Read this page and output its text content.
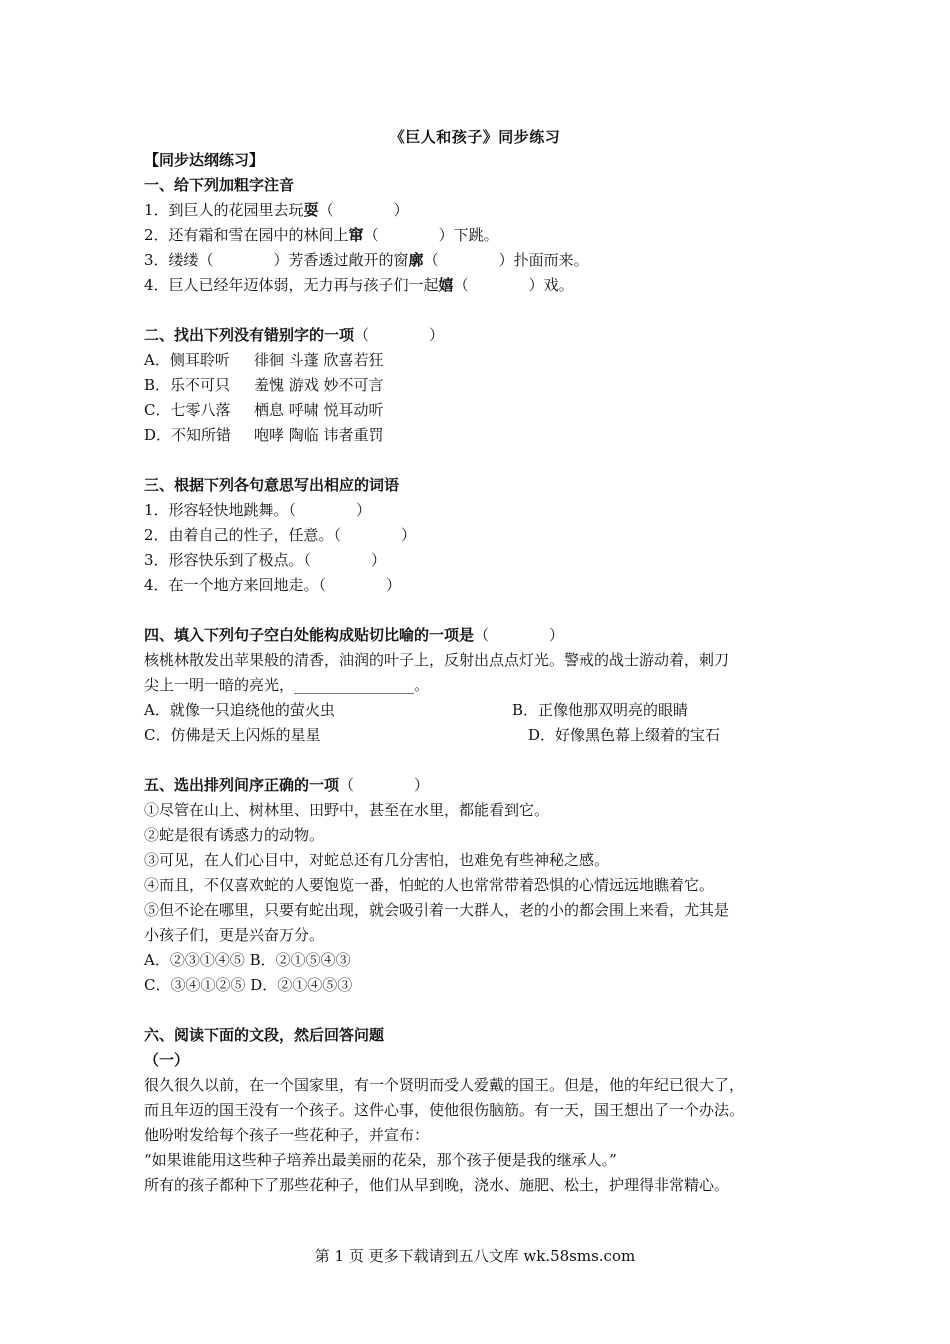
《巨人和孩子》同步练习
【同步达纲练习】
一、给下列加粗字注音
1．到巨人的花园里去玩耍（　　　　）
2．还有霜和雪在园中的林间上窜（　　　　）下跳。
3．缕缕（　　　　）芳香透过敞开的窗廓（　　　　）扑面而来。
4．巨人已经年迈体弱，无力再与孩子们一起嬉（　　　　）戏。
二、找出下列没有错别字的一项（　　　　）
A．侧耳聆听 徘徊 斗蓬 欣喜若狂
B．乐不可只 羞愧 游戏 妙不可言
C．七零八落 栖息 呼啸 悦耳动听
D．不知所错 咆哮 陶临 讳者重罚
三、根据下列各句意思写出相应的词语
1．形容轻快地跳舞。（　　　　）
2．由着自己的性子，任意。（　　　　）
3．形容快乐到了极点。（　　　　）
4．在一个地方来回地走。（　　　　）
四、填入下列句子空白处能构成贴切比喻的一项是（　　　　）
核桃林散发出苹果般的清香，油润的叶子上，反射出点点灯光。警戒的战士游动着，刺刀
尖上一明一暗的亮光，________________。
A．就像一只追绕他的萤火虫	B．正像他那双明亮的眼睛
C．仿佛是天上闪烁的星星	D．好像黑色幕上缀着的宝石
五、选出排列间序正确的一项（　　　　）
①尽管在山上、树林里、田野中，甚至在水里，都能看到它。
②蛇是很有诱惑力的动物。
③可见，在人们心目中，对蛇总还有几分害怕，也难免有些神秘之感。
④而且，不仅喜欢蛇的人要饱览一番，怕蛇的人也常常带着恐惧的心情远远地瞧着它。
⑤但不论在哪里，只要有蛇出现，就会吸引着一大群人，老的小的都会围上来看，尤其是
小孩子们，更是兴奋万分。
A．②③①④⑤ B．②①⑤④③
C．③④①②⑤ D．②①④⑤③
六、阅读下面的文段，然后回答问题
（一）
很久很久以前，在一个国家里，有一个贤明而受人爱戴的国王。但是，他的年纪已很大了，
而且年迈的国王没有一个孩子。这件心事，使他很伤脑筋。有一天，国王想出了一个办法。
他吩咐发给每个孩子一些花种子，并宣布：
“如果谁能用这些种子培养出最美丽的花朵，那个孩子便是我的继承人。”
所有的孩子都种下了那些花种子，他们从早到晚，浇水、施肥、松土，护理得非常精心。
第 1 页 更多下载请到五八文库 wk.58sms.com
